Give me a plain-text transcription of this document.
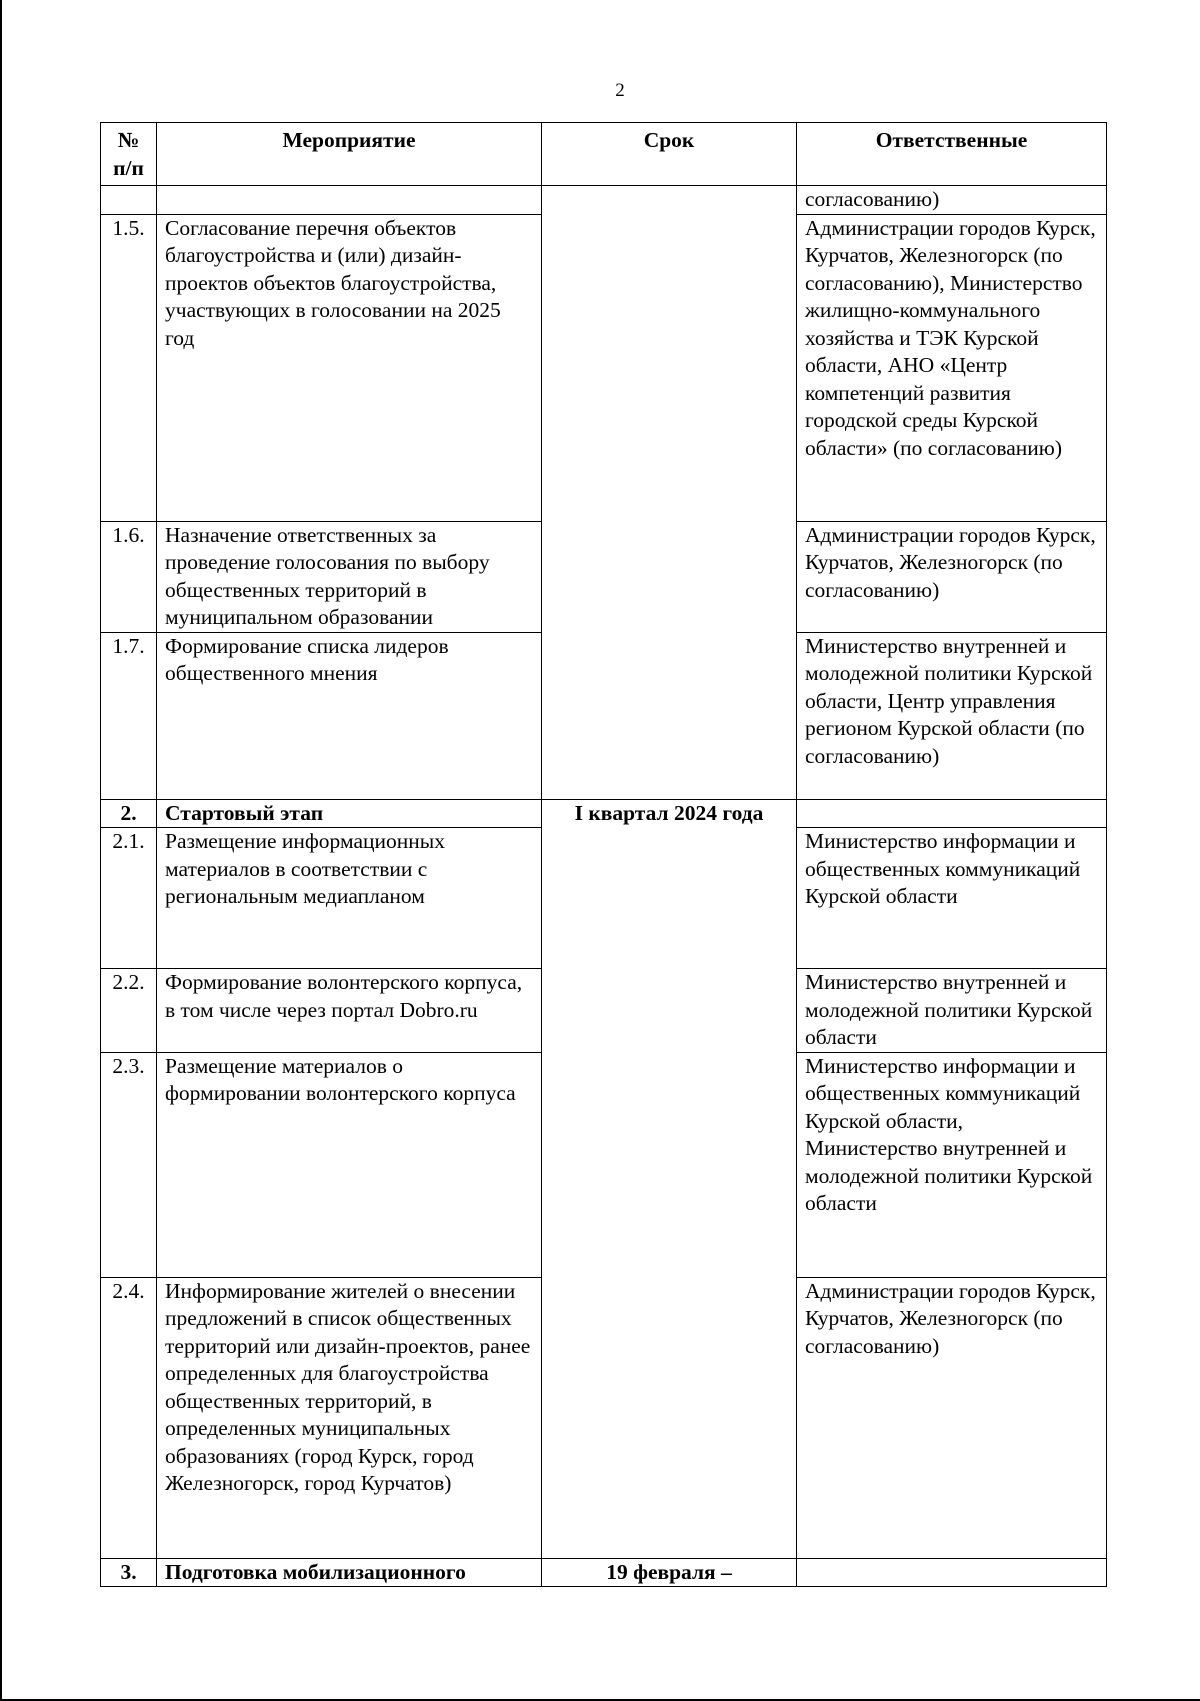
2
№ п/п	Мероприятие	Срок	Ответственные
			согласованию)
1.5.	Согласование перечня объектов благоустройства и (или) дизайн-проектов объектов благоустройства, участвующих в голосовании на 2025 год		Администрации городов Курск, Курчатов, Железногорск (по согласованию), Министерство жилищно-коммунального хозяйства и ТЭК Курской области, АНО «Центр компетенций развития городской среды Курской области» (по согласованию)
1.6.	Назначение ответственных за проведение голосования по выбору общественных территорий в муниципальном образовании		Администрации городов Курск, Курчатов, Железногорск (по согласованию)
1.7.	Формирование списка лидеров общественного мнения		Министерство внутренней и молодежной политики Курской области, Центр управления регионом Курской области (по согласованию)
2.	Стартовый этап	I квартал 2024 года	
2.1.	Размещение информационных материалов в соответствии с региональным медиапланом		Министерство информации и общественных коммуникаций Курской области
2.2.	Формирование волонтерского корпуса, в том числе через портал Dobro.ru		Министерство внутренней и молодежной политики Курской области
2.3.	Размещение материалов о формировании волонтерского корпуса		Министерство информации и общественных коммуникаций Курской области, Министерство внутренней и молодежной политики Курской области
2.4.	Информирование жителей о внесении предложений в список общественных территорий или дизайн-проектов, ранее определенных для благоустройства общественных территорий, в определенных муниципальных образованиях (город Курск, город Железногорск, город Курчатов)		Администрации городов Курск, Курчатов, Железногорск (по согласованию)
3.	Подготовка мобилизационного	19 февраля –	
